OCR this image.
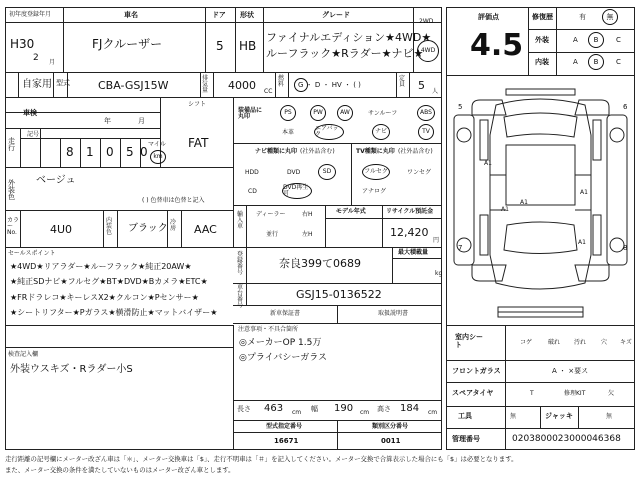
初年度登録年月	車名	ドア 形状	グレード
2WD
4WD
H30
2 月
FJクルーザー	5 HB
ファイナルエディション★4WD★
ルーフラック★Rラダー★ナビ★
自家用 型式	CBA-GSJ15W
排気量 4000 CC
燃料	G ・ D ・ HV ・ ( )
定員 5 人
車検
年	月
シフト
FAT
走行
記号
8 1 0 5 0
マイル
km
外装色
ベージュ
( ) 色替車は色替と記入
カラーNo.	4U0
内装色 ブラック
冷房 AAC
セールスポイント
★4WD★リアラダー★ルーフラック★純正20AW★
★純正SDナビ★フルセグ★BT★DVD★Bカメラ★ETC★
★FRドラレコ★キーレスX2★クルコン★Pセンサー★
★シートリフター★Pガラス★横滑防止★マットバイザー★
検査記入欄
外装ウスキズ・Rラダー小S
装備品に丸印
PS	PW	AW	サンルーフ	ABS
本革
エアバック	ナビ	TV
ナビ種類に丸印 (社外品含む)
HDD	DVD	SD
CD
DVD再生可
TV種類に丸印 (社外品含む)
フルセグ	ワンセグ
アナログ
輸入車
ディーラー
並行
右H
左H
モデル年式	リサイクル預託金
12,420
円
登録番号
奈良399て0689
最大積載量
kg
車台番号
GSJ15-0136522
新車保証書	取扱説明書
注意事項・不具合箇所
◎メーカーOP 1.5万
◎プライバシーガラス
長さ 463 cm 幅 190 cm 高さ 184 cm
型式指定番号
16671
類別区分番号
0011
評価点
4.5
修復歴	有	無
外装	A B	C
内装	A B	C
A1
A1
A1
A1
A1
5	6
7	8
室内シート	コゲ	破れ 汚れ 穴 キズ
フロントガラス	A ・ ×要ス
スペアタイヤ	T	修理KIT	欠
工具	無	ジャッキ	無
管理番号	0203800023000046368
走行距離の記号欄にメーター改ざん車は「＊」、メーター交換車は「$」、走行不明車は「＃」を記入してください。メーター交換で合算表示した場合にも「$」は必要となります。
また、メーター交換の条件を満たしていないものはメーター改ざん車とします。
